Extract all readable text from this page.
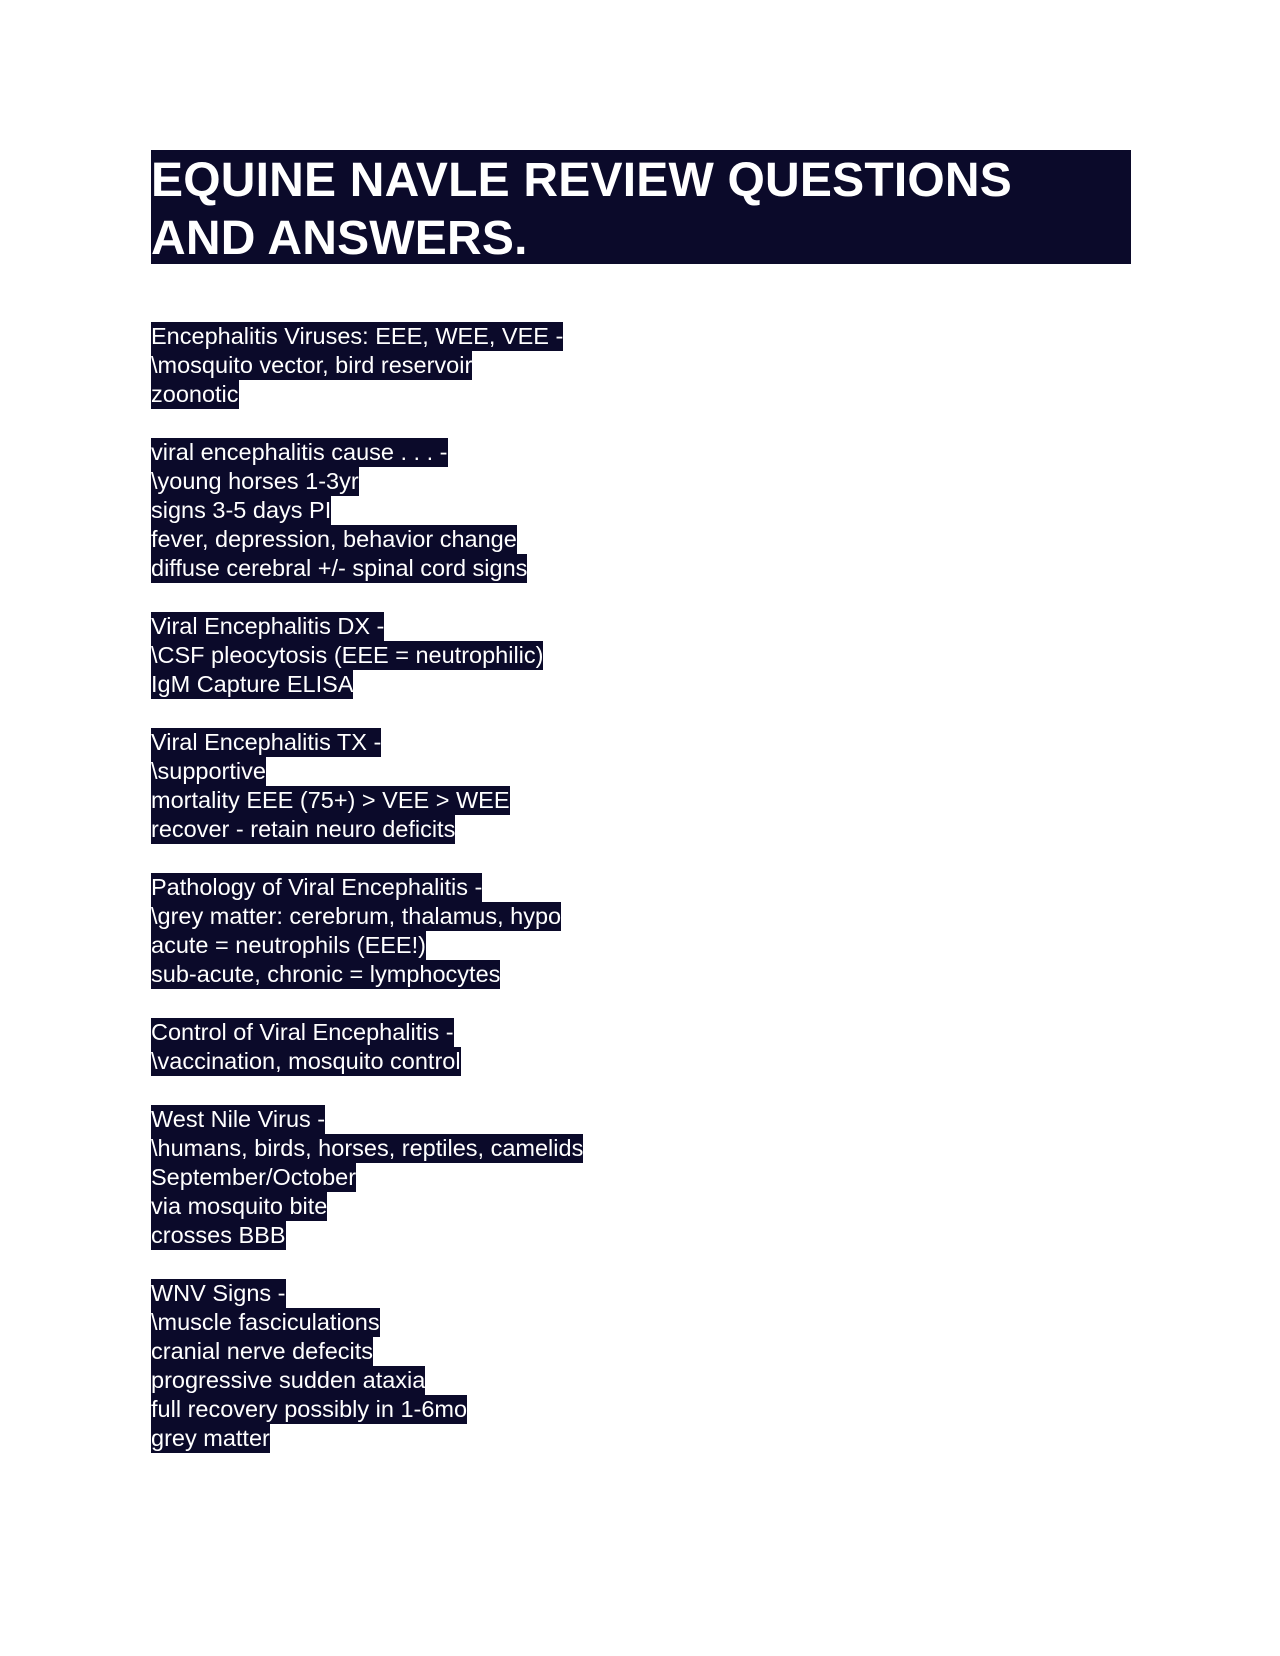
EQUINE NAVLE REVIEW QUESTIONS
AND ANSWERS.
Encephalitis Viruses: EEE, WEE, VEE -
\mosquito vector, bird reservoir
zoonotic
viral encephalitis cause . . . -
\young horses 1-3yr
signs 3-5 days PI
fever, depression, behavior change
diffuse cerebral +/- spinal cord signs
Viral Encephalitis DX -
\CSF pleocytosis (EEE = neutrophilic)
IgM Capture ELISA
Viral Encephalitis TX -
\supportive
mortality EEE (75+) > VEE > WEE
recover - retain neuro deficits
Pathology of Viral Encephalitis -
\grey matter: cerebrum, thalamus, hypo
acute = neutrophils (EEE!)
sub-acute, chronic = lymphocytes
Control of Viral Encephalitis -
\vaccination, mosquito control
West Nile Virus -
\humans, birds, horses, reptiles, camelids
September/October
via mosquito bite
crosses BBB
WNV Signs -
\muscle fasciculations
cranial nerve defecits
progressive sudden ataxia
full recovery possibly in 1-6mo
grey matter
